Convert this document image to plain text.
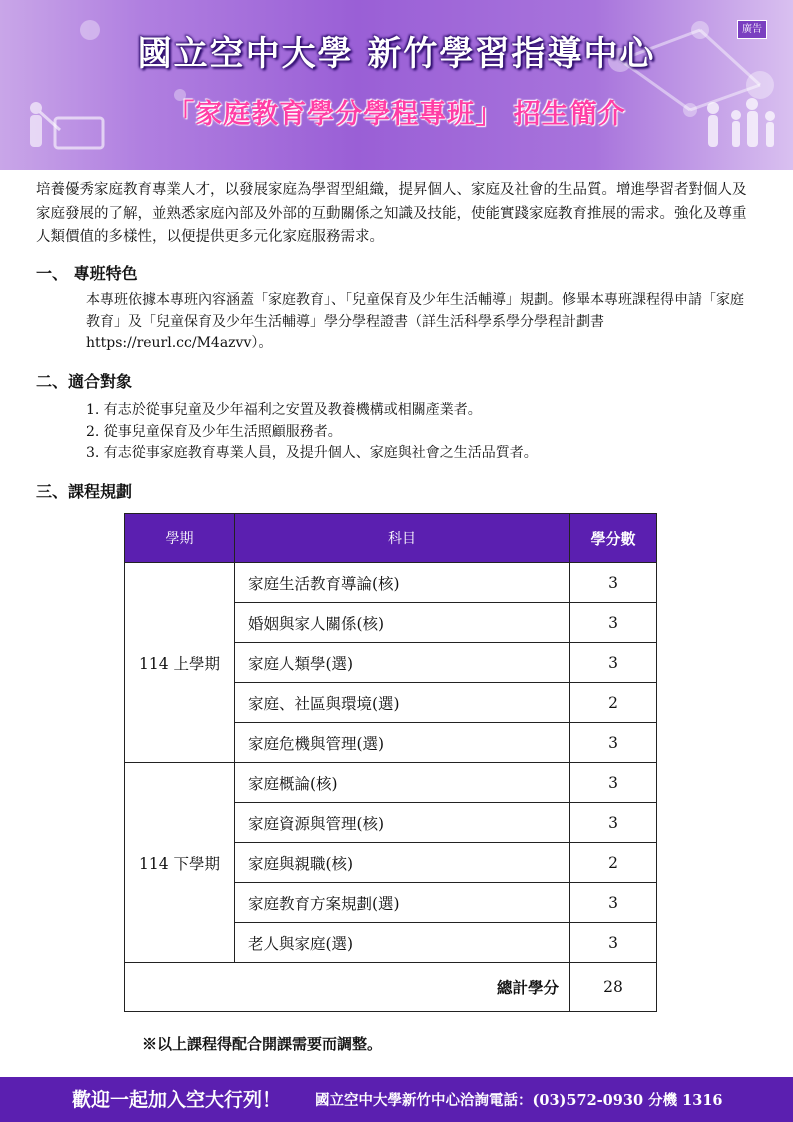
國立空中大學 新竹學習指導中心
「家庭教育學分學程專班」 招生簡介
廣告
培養優秀家庭教育專業人才，以發展家庭為學習型組織，提昇個人、家庭及社會的生品質。增進學習者對個人及家庭發展的了解，並熟悉家庭內部及外部的互動關係之知識及技能，使能實踐家庭教育推展的需求。強化及尊重人類價值的多樣性，以便提供更多元化家庭服務需求。
一、 專班特色
本專班依據本專班內容涵蓋「家庭教育」、「兒童保育及少年生活輔導」規劃。修畢本專班課程得申請「家庭教育」及「兒童保育及少年生活輔導」學分學程證書（詳生活科學系學分學程計劃書 https://reurl.cc/M4azvv）。
二、適合對象
1. 有志於從事兒童及少年福利之安置及教養機構或相關產業者。
2. 從事兒童保育及少年生活照顧服務者。
3. 有志從事家庭教育專業人員，及提升個人、家庭與社會之生活品質者。
三、課程規劃
學期	科目	學分數
114 上學期	家庭生活教育導論(核)	3
	婚姻與家人關係(核)	3
	家庭人類學(選)	3
	家庭、社區與環境(選)	2
	家庭危機與管理(選)	3
114 下學期	家庭概論(核)	3
	家庭資源與管理(核)	3
	家庭與親職(核)	2
	家庭教育方案規劃(選)	3
	老人與家庭(選)	3
總計學分		28
※以上課程得配合開課需要而調整。
歡迎一起加入空大行列！ 國立空中大學新竹中心洽詢電話：(03)572-0930 分機 1316
